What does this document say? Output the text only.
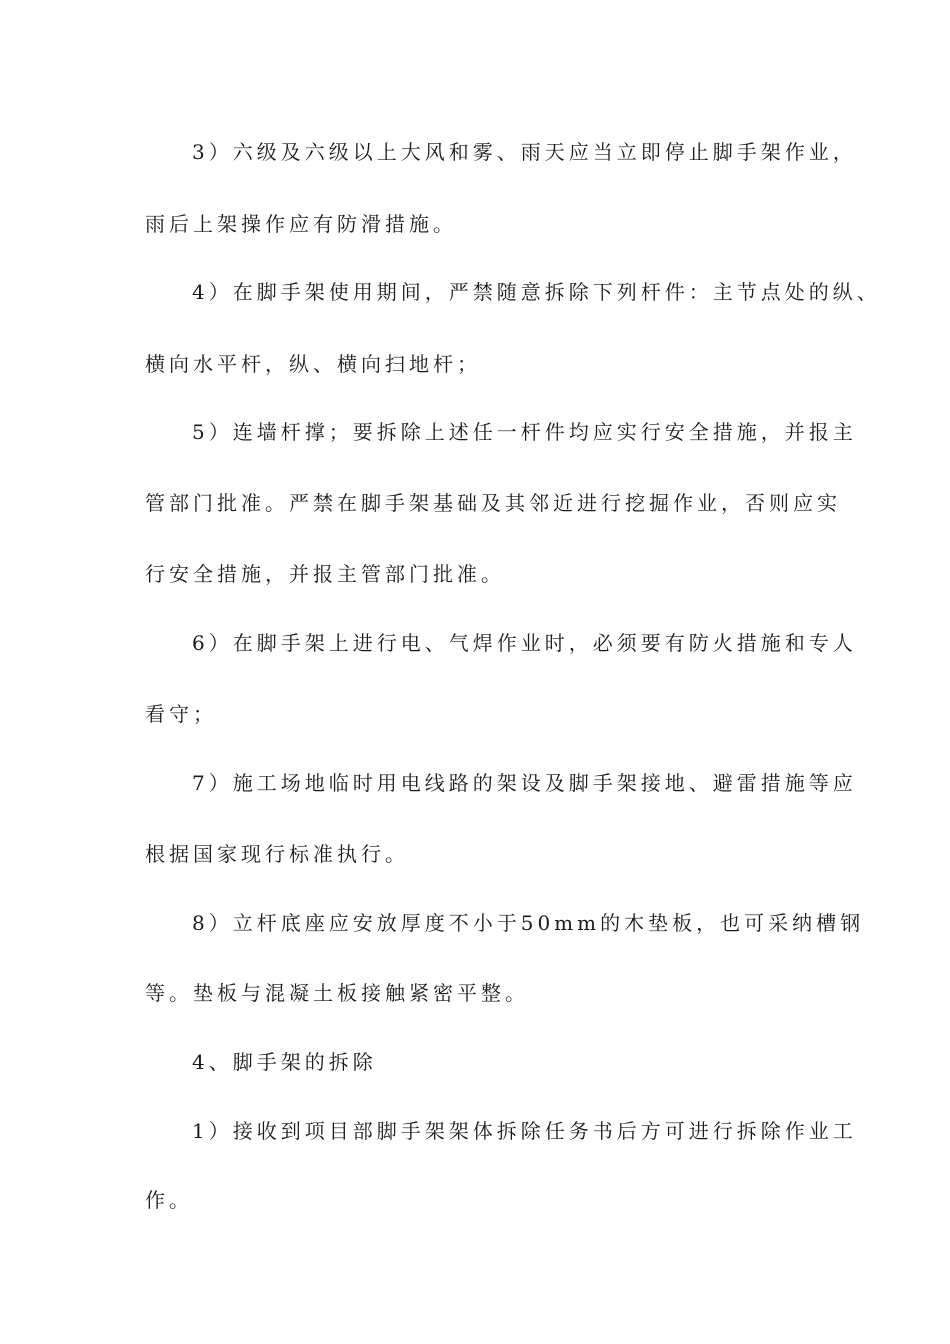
3）六级及六级以上大风和雾、雨天应当立即停止脚手架作业，
雨后上架操作应有防滑措施。
4）在脚手架使用期间，严禁随意拆除下列杆件：主节点处的纵、
横向水平杆，纵、横向扫地杆；
5）连墙杆撑；要拆除上述任一杆件均应实行安全措施，并报主
管部门批准。严禁在脚手架基础及其邻近进行挖掘作业，否则应实
行安全措施，并报主管部门批准。
6）在脚手架上进行电、气焊作业时，必须要有防火措施和专人
看守；
7）施工场地临时用电线路的架设及脚手架接地、避雷措施等应
根据国家现行标准执行。
8）立杆底座应安放厚度不小于50mm的木垫板，也可采纳槽钢
等。垫板与混凝土板接触紧密平整。
4、脚手架的拆除
1）接收到项目部脚手架架体拆除任务书后方可进行拆除作业工
作。
